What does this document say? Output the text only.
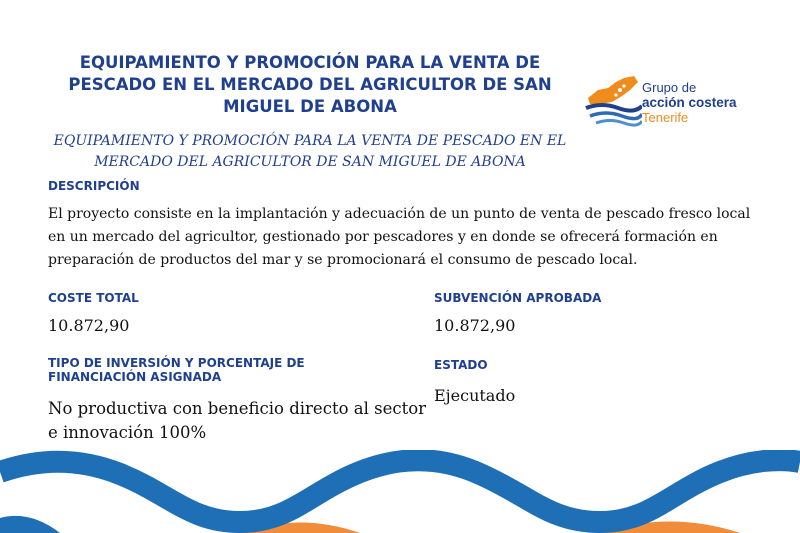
EQUIPAMIENTO Y PROMOCIÓN PARA LA VENTA DE PESCADO EN EL MERCADO DEL AGRICULTOR DE SAN MIGUEL DE ABONA

EQUIPAMIENTO Y PROMOCIÓN PARA LA VENTA DE PESCADO EN EL MERCADO DEL AGRICULTOR DE SAN MIGUEL DE ABONA

Grupo de
acción costera
Tenerife
DESCRIPCIÓN

El proyecto consiste en la implantación y adecuación de un punto de venta de pescado fresco local en un mercado del agricultor, gestionado por pescadores y en donde se ofrecerá formación en preparación de productos del mar y se promocionará el consumo de pescado local.

COSTE TOTAL

10.872,90

SUBVENCIÓN APROBADA

10.872,90

TIPO DE INVERSIÓN Y PORCENTAJE DE FINANCIACIÓN ASIGNADA

No productiva con beneficio directo al sector e innovación 100%

ESTADO

Ejecutado
